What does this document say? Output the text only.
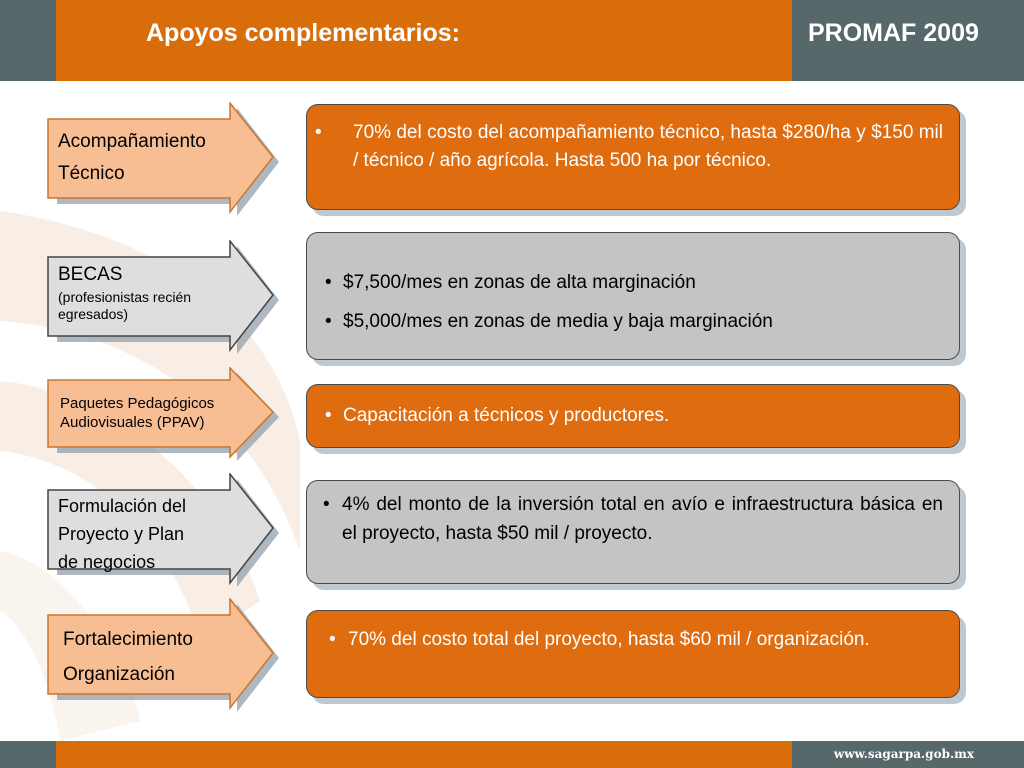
Apoyos complementarios:	PROMAF 2009
Acompañamiento
Técnico
• 70% del costo del acompañamiento técnico, hasta $280/ha y $150 mil / técnico / año agrícola. Hasta 500 ha por técnico.
BECAS
(profesionistas recién egresados)
• $7,500/mes en zonas de alta marginación
• $5,000/mes en zonas de media y baja marginación
Paquetes Pedagógicos
Audiovisuales (PPAV)	• Capacitación a técnicos y productores.
Formulación del
Proyecto y Plan
de negocios
• 4% del monto de la inversión total en avío e infraestructura básica en el proyecto, hasta $50 mil / proyecto.
Fortalecimiento
Organización
• 70% del costo total del proyecto, hasta $60 mil / organización.
www.sagarpa.gob.mx
